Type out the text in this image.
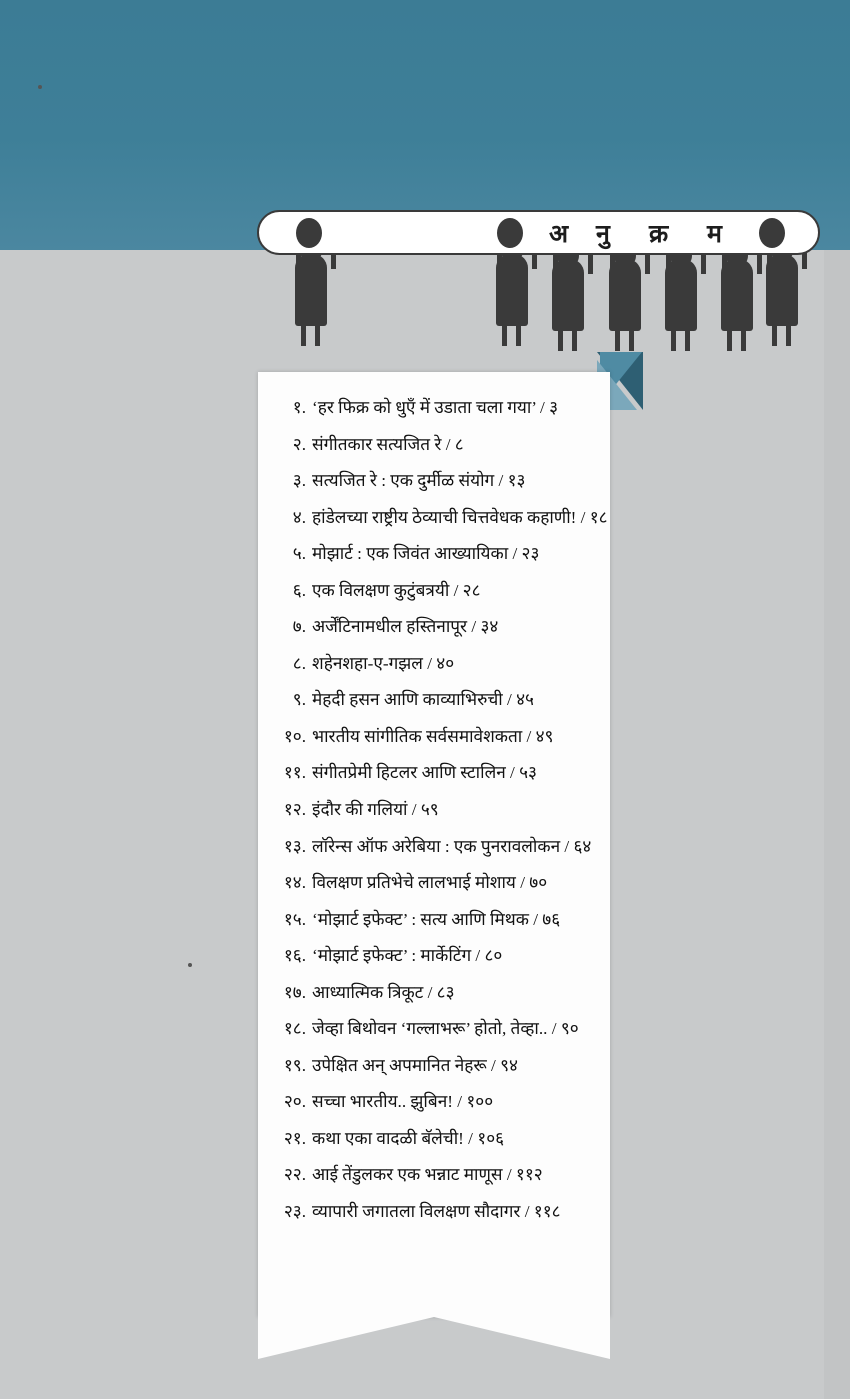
अ नु क्र म
१. ‘हर फिक्र को धुएँ में उडाता चला गया’ / ३
२. संगीतकार सत्यजित रे / ८
३. सत्यजित रे : एक दुर्मीळ संयोग / १३
४. हांडेलच्या राष्ट्रीय ठेव्याची चित्तवेधक कहाणी! / १८
५. मोझार्ट : एक जिवंत आख्यायिका / २३
६. एक विलक्षण कुटुंबत्रयी / २८
७. अर्जेंटिनामधील हस्तिनापूर / ३४
८. शहेनशहा-ए-गझल / ४०
९. मेहदी हसन आणि काव्याभिरुची / ४५
१०. भारतीय सांगीतिक सर्वसमावेशकता / ४९
११. संगीतप्रेमी हिटलर आणि स्टालिन / ५३
१२. इंदौर की गलियां / ५९
१३. लॉरेन्स ऑफ अरेबिया : एक पुनरावलोकन / ६४
१४. विलक्षण प्रतिभेचे लालभाई मोशाय / ७०
१५. ‘मोझार्ट इफेक्ट’ : सत्य आणि मिथक / ७६
१६. ‘मोझार्ट इफेक्ट’ : मार्केटिंग / ८०
१७. आध्यात्मिक त्रिकूट / ८३
१८. जेव्हा बिथोवन ‘गल्लाभरू’ होतो, तेव्हा.. / ९०
१९. उपेक्षित अन् अपमानित नेहरू / ९४
२०. सच्चा भारतीय.. झुबिन! / १००
२१. कथा एका वादळी बॅलेची! / १०६
२२. आई तेंडुलकर एक भन्नाट माणूस / ११२
२३. व्यापारी जगातला विलक्षण सौदागर / ११८
